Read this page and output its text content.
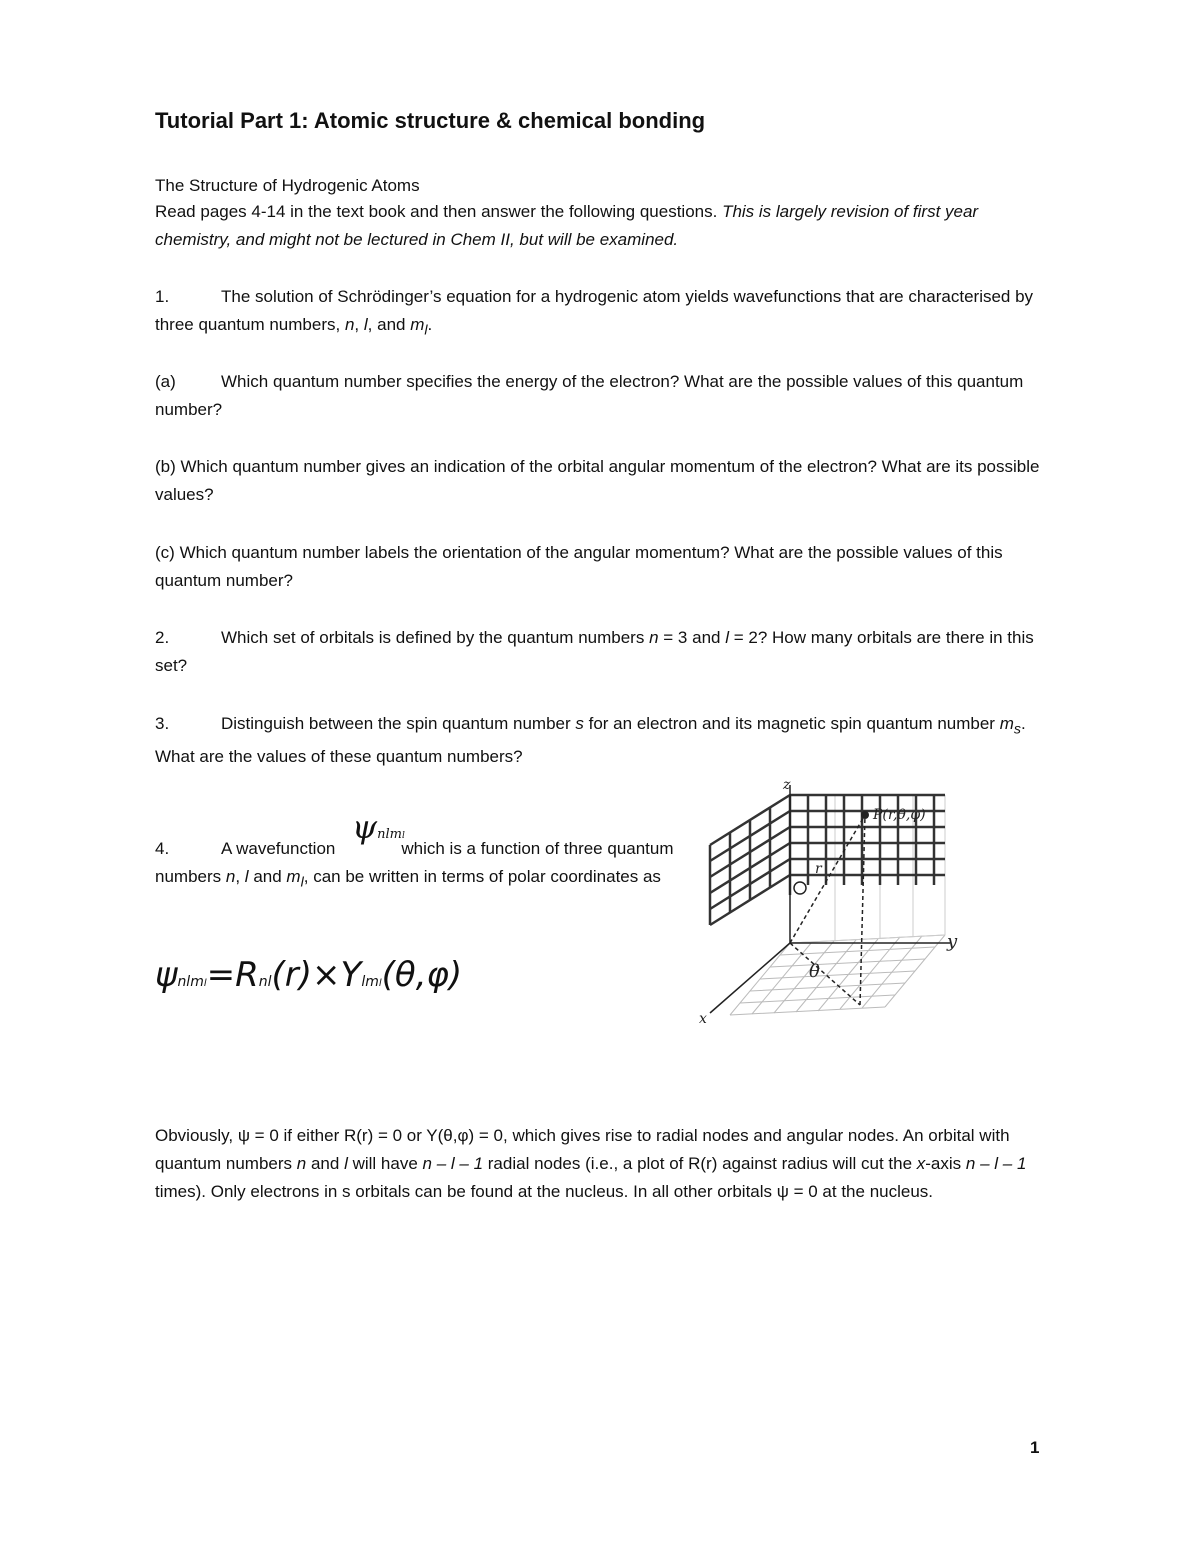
Tutorial Part 1: Atomic structure & chemical bonding
The Structure of Hydrogenic Atoms
Read pages 4-14 in the text book and then answer the following questions. This is largely revision of first year chemistry, and might not be lectured in Chem II, but will be examined.
1.	The solution of Schrödinger’s equation for a hydrogenic atom yields wavefunctions that are characterised by three quantum numbers, n, l, and $m_l$.
(a)	Which quantum number specifies the energy of the electron? What are the possible values of this quantum number?
(b) Which quantum number gives an indication of the orbital angular momentum of the electron? What are its possible values?
(c) Which quantum number labels the orientation of the angular momentum? What are the possible values of this quantum number?
2.	Which set of orbitals is defined by the quantum numbers n = 3 and l = 2? How many orbitals are there in this set?
3.	Distinguish between the spin quantum number s for an electron and its magnetic spin quantum number $m_s$. What are the values of these quantum numbers?
ψnlml
4.	A wavefunction	which is a function of three quantum numbers n, l and $m_l$, can be written in terms of polar coordinates as
ψnlml=Rnl(r)×Ylml(θ,φ)
z
y
x
θ
r
P(r,θ,φ)
Obviously, ψ = 0 if either R(r) = 0 or Y(θ,φ) = 0, which gives rise to radial nodes and angular nodes. An orbital with quantum numbers n and l will have n – l – 1 radial nodes (i.e., a plot of R(r) against radius will cut the x-axis n – l – 1 times). Only electrons in s orbitals can be found at the nucleus. In all other orbitals ψ = 0 at the nucleus.
1
